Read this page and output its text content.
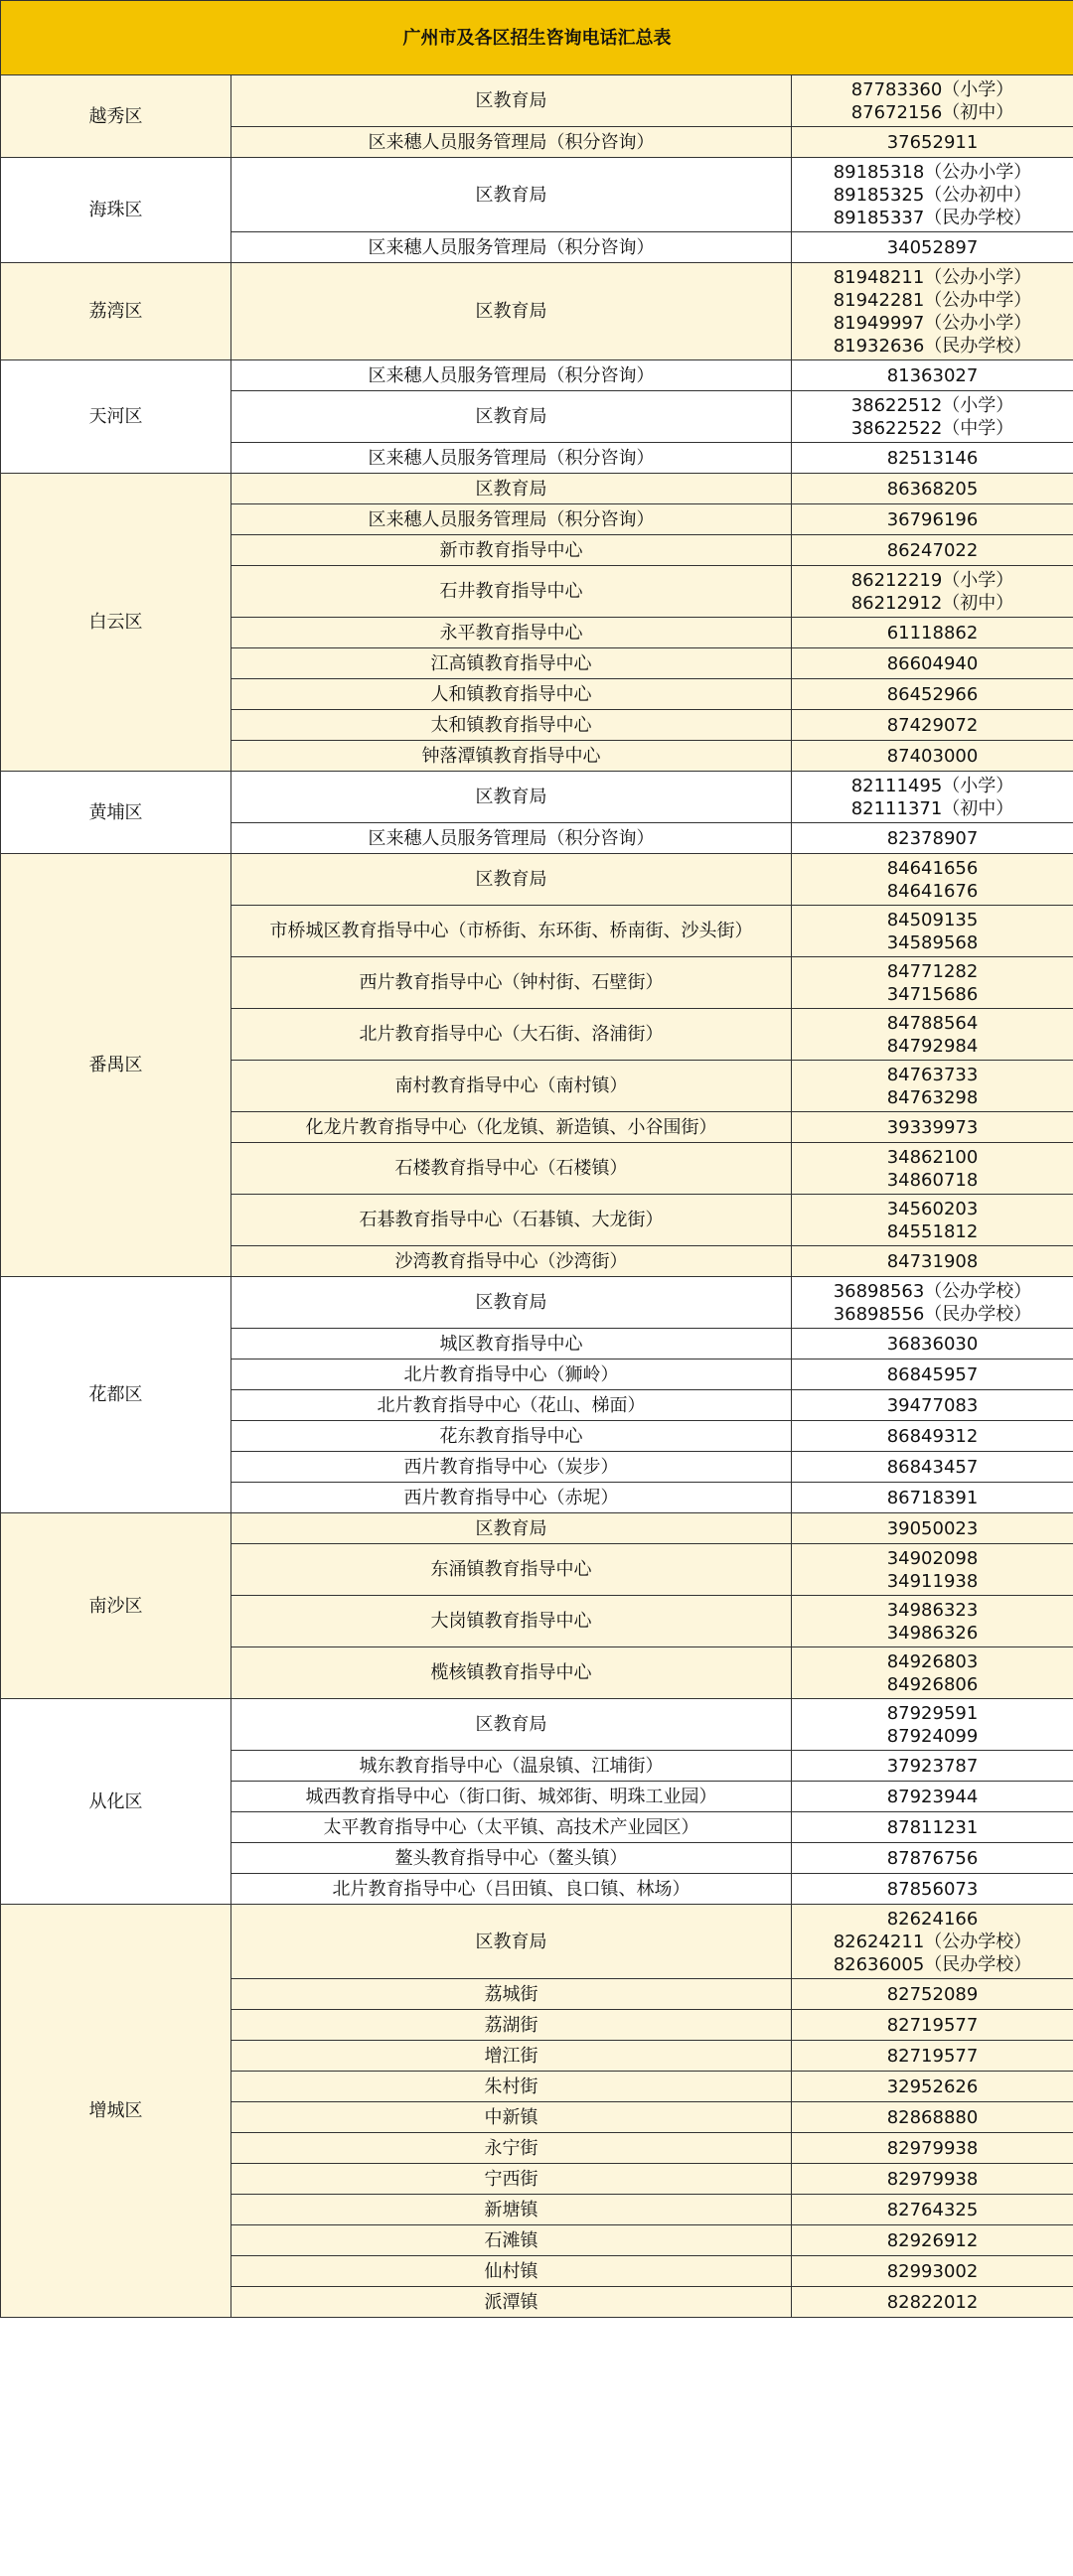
广州市及各区招生咨询电话汇总表		
越秀区	区教育局	87783360（小学）
87672156（初中）

	区来穗人员服务管理局（积分咨询）	37652911

海珠区	区教育局	89185318（公办小学）
89185325（公办初中）
89185337（民办学校）

	区来穗人员服务管理局（积分咨询）	34052897

荔湾区	区教育局	81948211（公办小学）
81942281（公办中学）
81949997（公办小学）
81932636（民办学校）

天河区	区来穗人员服务管理局（积分咨询）	81363027

	区教育局	38622512（小学）
38622522（中学）

	区来穗人员服务管理局（积分咨询）	82513146

白云区	区教育局	86368205

	区来穗人员服务管理局（积分咨询）	36796196

	新市教育指导中心	86247022

	石井教育指导中心	86212219（小学）
86212912（初中）

	永平教育指导中心	61118862

	江高镇教育指导中心	86604940

	人和镇教育指导中心	86452966

	太和镇教育指导中心	87429072

	钟落潭镇教育指导中心	87403000

黄埔区	区教育局	82111495（小学）
82111371（初中）

	区来穗人员服务管理局（积分咨询）	82378907

番禺区	区教育局	84641656
84641676

	市桥城区教育指导中心（市桥街、东环街、桥南街、沙头街）	84509135
34589568

	西片教育指导中心（钟村街、石壁街）	84771282
34715686

	北片教育指导中心（大石街、洛浦街）	84788564
84792984

	南村教育指导中心（南村镇）	84763733
84763298

	化龙片教育指导中心（化龙镇、新造镇、小谷围街）	39339973

	石楼教育指导中心（石楼镇）	34862100
34860718

	石碁教育指导中心（石碁镇、大龙街）	34560203
84551812

	沙湾教育指导中心（沙湾街）	84731908

花都区	区教育局	36898563（公办学校）
36898556（民办学校）

	城区教育指导中心	36836030

	北片教育指导中心（狮岭）	86845957

	北片教育指导中心（花山、梯面）	39477083

	花东教育指导中心	86849312

	西片教育指导中心（炭步）	86843457

	西片教育指导中心（赤坭）	86718391

南沙区	区教育局	39050023

	东涌镇教育指导中心	34902098
34911938

	大岗镇教育指导中心	34986323
34986326

	榄核镇教育指导中心	84926803
84926806

从化区	区教育局	87929591
87924099

	城东教育指导中心（温泉镇、江埔街）	37923787

	城西教育指导中心（街口街、城郊街、明珠工业园）	87923944

	太平教育指导中心（太平镇、高技术产业园区）	87811231

	鳌头教育指导中心（鳌头镇）	87876756

	北片教育指导中心（吕田镇、良口镇、林场）	87856073

增城区	区教育局	82624166
82624211（公办学校）
82636005（民办学校）

	荔城街	82752089

	荔湖街	82719577

	增江街	82719577

	朱村街	32952626

	中新镇	82868880

	永宁街	82979938

	宁西街	82979938

	新塘镇	82764325

	石滩镇	82926912

	仙村镇	82993002

	派潭镇	82822012
